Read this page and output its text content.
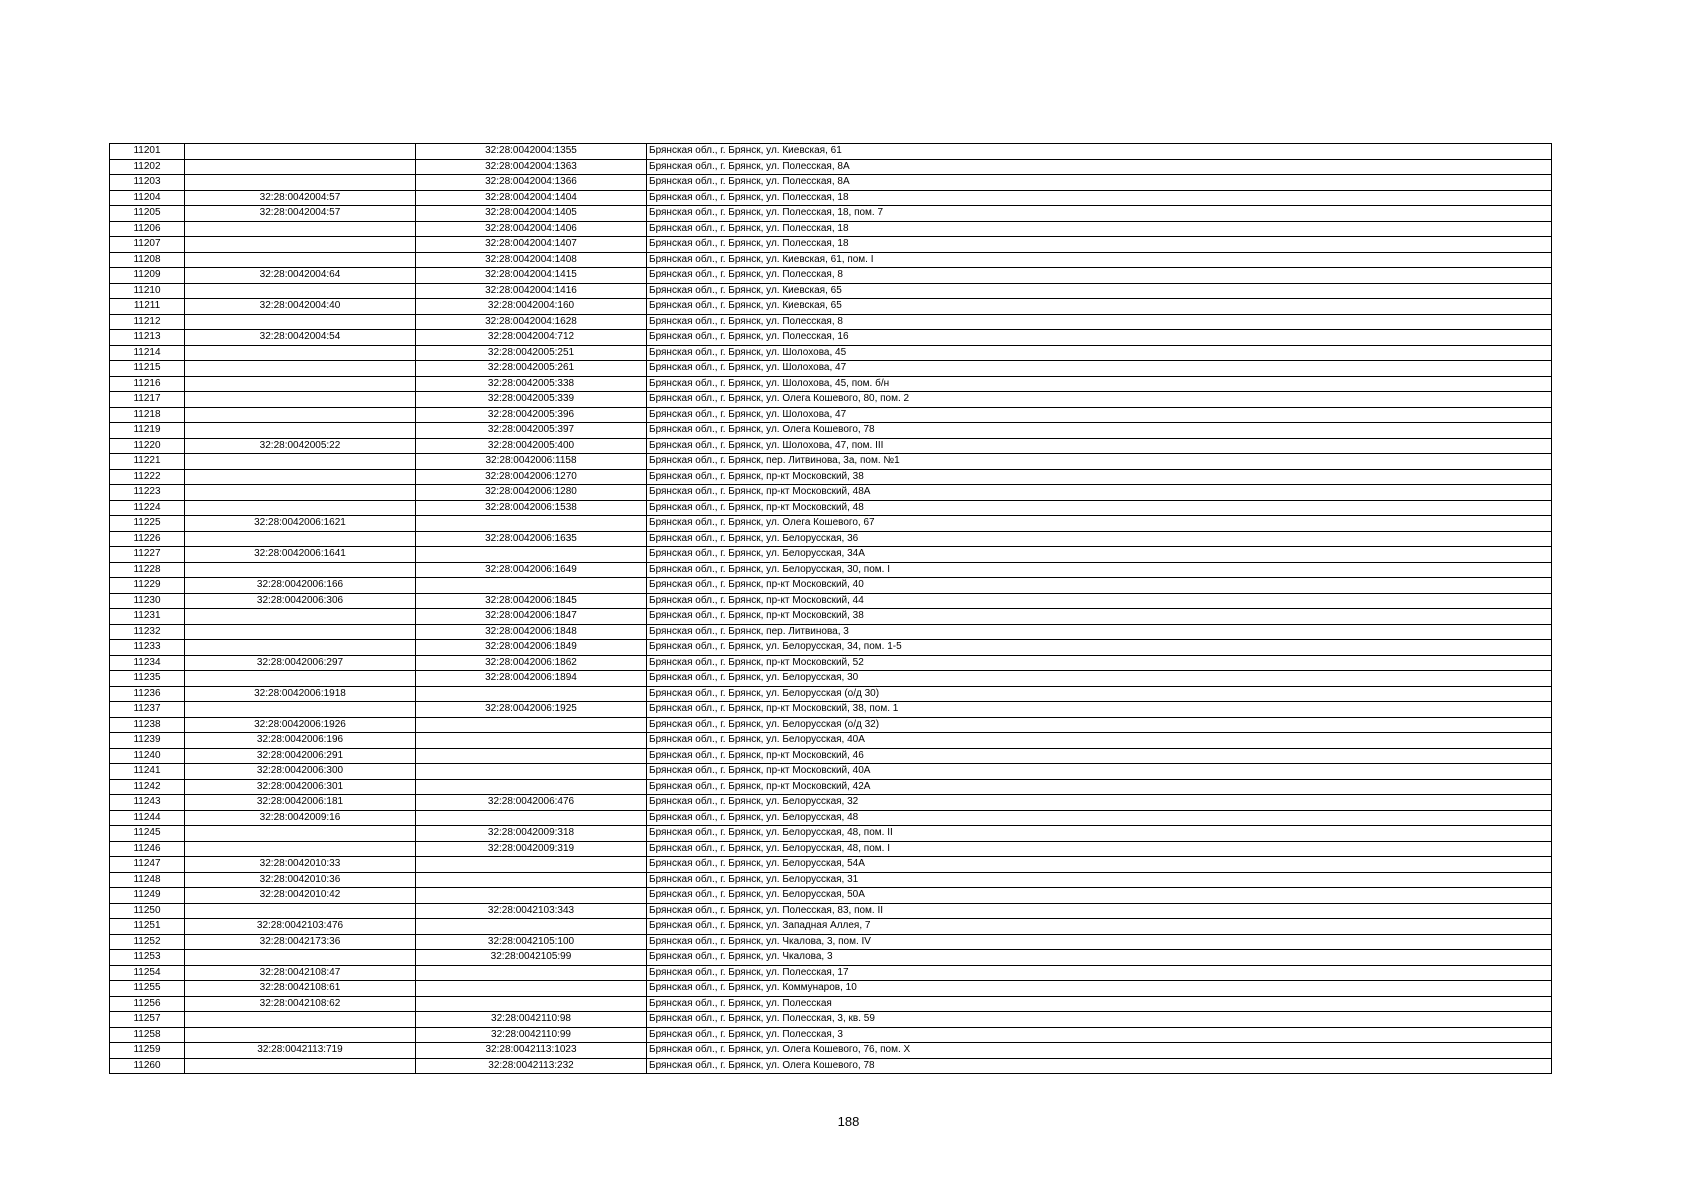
11201		32:28:0042004:1355	Брянская обл., г. Брянск, ул. Киевская, 61
11202		32:28:0042004:1363	Брянская обл., г. Брянск, ул. Полесская, 8А
11203		32:28:0042004:1366	Брянская обл., г. Брянск, ул. Полесская, 8А
11204	32:28:0042004:57	32:28:0042004:1404	Брянская обл., г. Брянск, ул. Полесская, 18
11205	32:28:0042004:57	32:28:0042004:1405	Брянская обл., г. Брянск, ул. Полесская, 18, пом. 7
11206		32:28:0042004:1406	Брянская обл., г. Брянск, ул. Полесская, 18
11207		32:28:0042004:1407	Брянская обл., г. Брянск, ул. Полесская, 18
11208		32:28:0042004:1408	Брянская обл., г. Брянск, ул. Киевская, 61, пом. I
11209	32:28:0042004:64	32:28:0042004:1415	Брянская обл., г. Брянск, ул. Полесская, 8
11210		32:28:0042004:1416	Брянская обл., г. Брянск, ул. Киевская, 65
11211	32:28:0042004:40	32:28:0042004:160	Брянская обл., г. Брянск, ул. Киевская, 65
11212		32:28:0042004:1628	Брянская обл., г. Брянск, ул. Полесская, 8
11213	32:28:0042004:54	32:28:0042004:712	Брянская обл., г. Брянск, ул. Полесская, 16
11214		32:28:0042005:251	Брянская обл., г. Брянск, ул. Шолохова, 45
11215		32:28:0042005:261	Брянская обл., г. Брянск, ул. Шолохова, 47
11216		32:28:0042005:338	Брянская обл., г. Брянск, ул. Шолохова, 45, пом. б/н
11217		32:28:0042005:339	Брянская обл., г. Брянск, ул. Олега Кошевого, 80, пом. 2
11218		32:28:0042005:396	Брянская обл., г. Брянск, ул. Шолохова, 47
11219		32:28:0042005:397	Брянская обл., г. Брянск, ул. Олега Кошевого, 78
11220	32:28:0042005:22	32:28:0042005:400	Брянская обл., г. Брянск, ул. Шолохова, 47, пом. III
11221		32:28:0042006:1158	Брянская обл., г. Брянск, пер. Литвинова, 3а, пом. №1
11222		32:28:0042006:1270	Брянская обл., г. Брянск, пр-кт Московский, 38
11223		32:28:0042006:1280	Брянская обл., г. Брянск, пр-кт Московский, 48А
11224		32:28:0042006:1538	Брянская обл., г. Брянск, пр-кт Московский, 48
11225	32:28:0042006:1621		Брянская обл., г. Брянск, ул. Олега Кошевого, 67
11226		32:28:0042006:1635	Брянская обл., г. Брянск, ул. Белорусская, 36
11227	32:28:0042006:1641		Брянская обл., г. Брянск, ул. Белорусская, 34А
11228		32:28:0042006:1649	Брянская обл., г. Брянск, ул. Белорусская, 30, пом. I
11229	32:28:0042006:166		Брянская обл., г. Брянск, пр-кт Московский, 40
11230	32:28:0042006:306	32:28:0042006:1845	Брянская обл., г. Брянск, пр-кт Московский, 44
11231		32:28:0042006:1847	Брянская обл., г. Брянск, пр-кт Московский, 38
11232		32:28:0042006:1848	Брянская обл., г. Брянск, пер. Литвинова, 3
11233		32:28:0042006:1849	Брянская обл., г. Брянск, ул. Белорусская, 34, пом. 1-5
11234	32:28:0042006:297	32:28:0042006:1862	Брянская обл., г. Брянск, пр-кт Московский, 52
11235		32:28:0042006:1894	Брянская обл., г. Брянск, ул. Белорусская, 30
11236	32:28:0042006:1918		Брянская обл., г. Брянск, ул. Белорусская (о/д 30)
11237		32:28:0042006:1925	Брянская обл., г. Брянск, пр-кт Московский, 38, пом. 1
11238	32:28:0042006:1926		Брянская обл., г. Брянск, ул. Белорусская (о/д 32)
11239	32:28:0042006:196		Брянская обл., г. Брянск, ул. Белорусская, 40А
11240	32:28:0042006:291		Брянская обл., г. Брянск, пр-кт Московский, 46
11241	32:28:0042006:300		Брянская обл., г. Брянск, пр-кт Московский, 40А
11242	32:28:0042006:301		Брянская обл., г. Брянск, пр-кт Московский, 42А
11243	32:28:0042006:181	32:28:0042006:476	Брянская обл., г. Брянск, ул. Белорусская, 32
11244	32:28:0042009:16		Брянская обл., г. Брянск, ул. Белорусская, 48
11245		32:28:0042009:318	Брянская обл., г. Брянск, ул. Белорусская, 48, пом. II
11246		32:28:0042009:319	Брянская обл., г. Брянск, ул. Белорусская, 48, пом. I
11247	32:28:0042010:33		Брянская обл., г. Брянск, ул. Белорусская, 54А
11248	32:28:0042010:36		Брянская обл., г. Брянск, ул. Белорусская, 31
11249	32:28:0042010:42		Брянская обл., г. Брянск, ул. Белорусская, 50А
11250		32:28:0042103:343	Брянская обл., г. Брянск, ул. Полесская, 83, пом. II
11251	32:28:0042103:476		Брянская обл., г. Брянск, ул. Западная Аллея, 7
11252	32:28:0042173:36	32:28:0042105:100	Брянская обл., г. Брянск, ул. Чкалова, 3, пом. IV
11253		32:28:0042105:99	Брянская обл., г. Брянск, ул. Чкалова, 3
11254	32:28:0042108:47		Брянская обл., г. Брянск, ул. Полесская, 17
11255	32:28:0042108:61		Брянская обл., г. Брянск, ул. Коммунаров, 10
11256	32:28:0042108:62		Брянская обл., г. Брянск, ул. Полесская
11257		32:28:0042110:98	Брянская обл., г. Брянск, ул. Полесская, 3, кв. 59
11258		32:28:0042110:99	Брянская обл., г. Брянск, ул. Полесская, 3
11259	32:28:0042113:719	32:28:0042113:1023	Брянская обл., г. Брянск, ул. Олега Кошевого, 76, пом. X
11260		32:28:0042113:232	Брянская обл., г. Брянск, ул. Олега Кошевого, 78
188
